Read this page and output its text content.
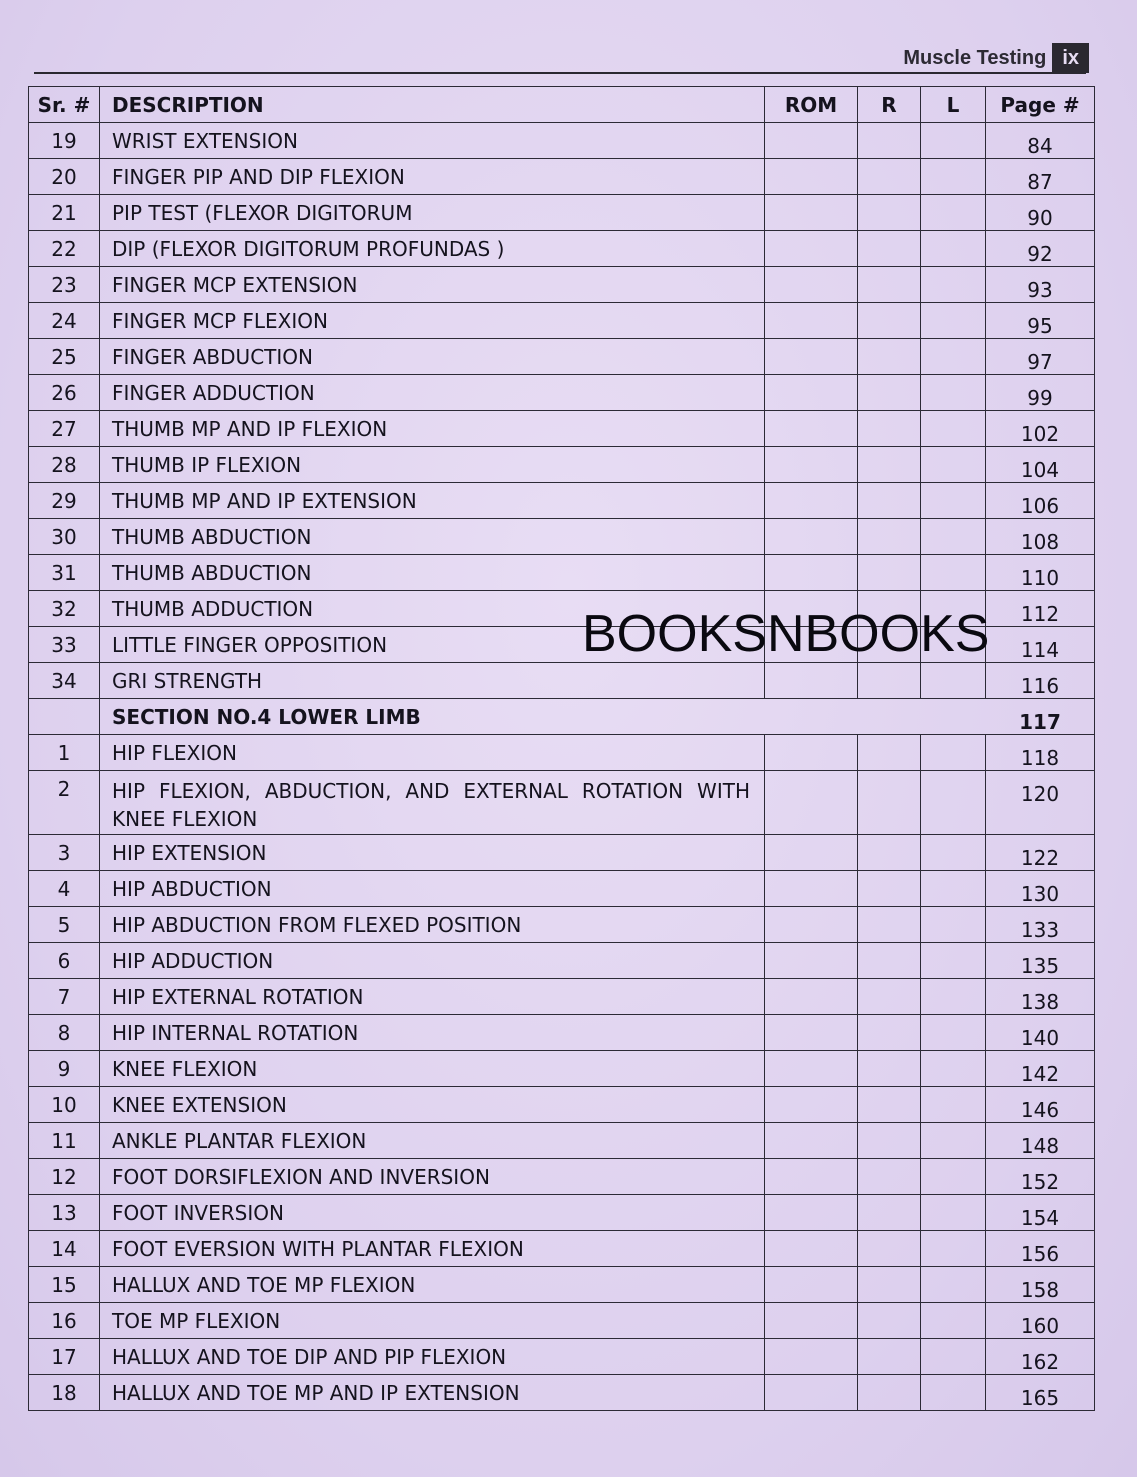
Muscle Testing ix
Sr. #	DESCRIPTION	ROM	R	L	Page #
19	WRIST EXTENSION				84
20	FINGER PIP AND DIP FLEXION				87
21	PIP TEST (FLEXOR DIGITORUM				90
22	DIP (FLEXOR DIGITORUM PROFUNDAS )				92
23	FINGER MCP EXTENSION				93
24	FINGER MCP FLEXION				95
25	FINGER ABDUCTION				97
26	FINGER ADDUCTION				99
27	THUMB MP AND IP FLEXION				102
28	THUMB IP FLEXION				104
29	THUMB MP AND IP EXTENSION				106
30	THUMB ABDUCTION				108
31	THUMB ABDUCTION				110
32	THUMB ADDUCTION				112
33	LITTLE FINGER OPPOSITION				114
34	GRI STRENGTH				116
	SECTION NO.4 LOWER LIMB				117
1	HIP FLEXION				118
2	HIP FLEXION, ABDUCTION, AND EXTERNAL ROTATION WITH KNEE FLEXION				120
3	HIP EXTENSION				122
4	HIP ABDUCTION				130
5	HIP ABDUCTION FROM FLEXED POSITION				133
6	HIP ADDUCTION				135
7	HIP EXTERNAL ROTATION				138
8	HIP INTERNAL ROTATION				140
9	KNEE FLEXION				142
10	KNEE EXTENSION				146
11	ANKLE PLANTAR FLEXION				148
12	FOOT DORSIFLEXION AND INVERSION				152
13	FOOT INVERSION				154
14	FOOT EVERSION WITH PLANTAR FLEXION				156
15	HALLUX AND TOE MP FLEXION				158
16	TOE MP FLEXION				160
17	HALLUX AND TOE DIP AND PIP FLEXION				162
18	HALLUX AND TOE MP AND IP EXTENSION				165
BOOKSNBOOKS
